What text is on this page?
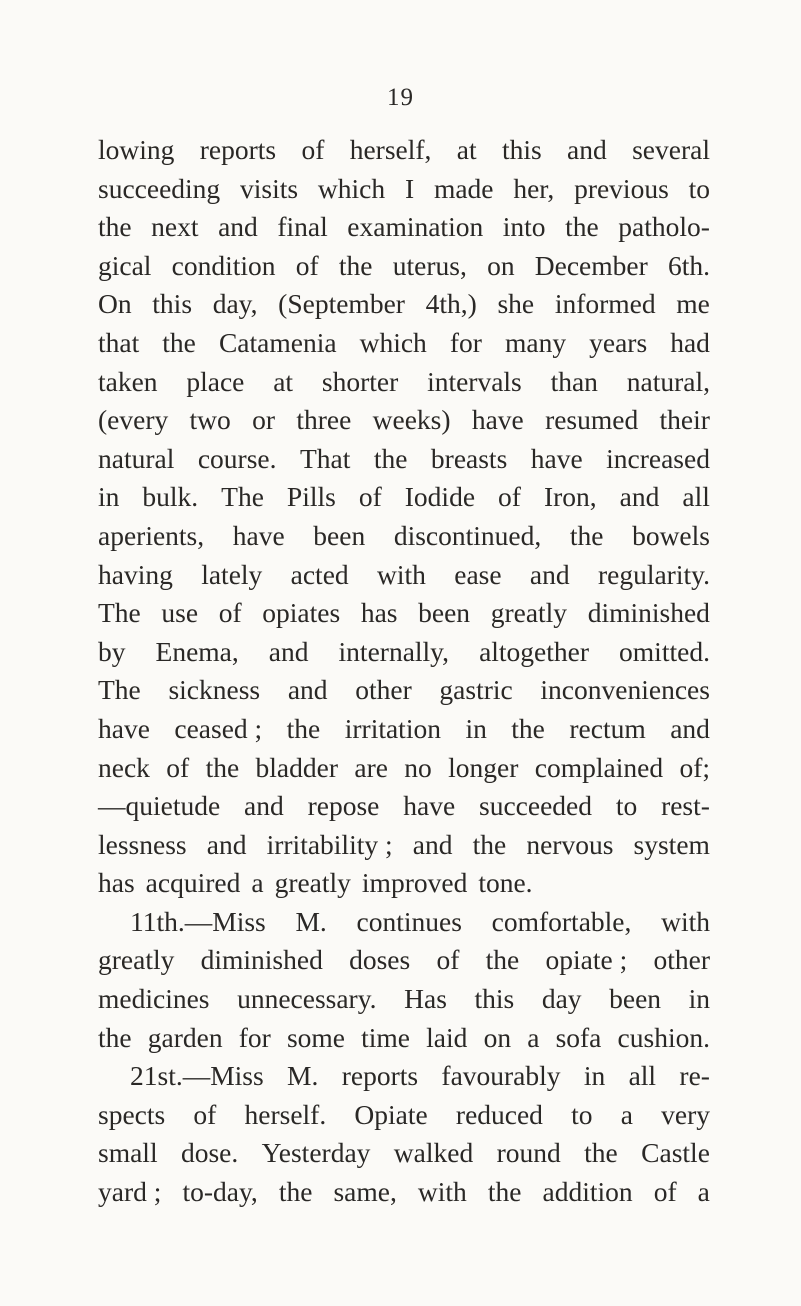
19
lowing reports of herself, at this and several
succeeding visits which I made her, previous to
the next and final examination into the patholo-
gical condition of the uterus, on December 6th.
On this day, (September 4th,) she informed me
that the Catamenia which for many years had
taken place at shorter intervals than natural,
(every two or three weeks) have resumed their
natural course. That the breasts have increased
in bulk. The Pills of Iodide of Iron, and all
aperients, have been discontinued, the bowels
having lately acted with ease and regularity.
The use of opiates has been greatly diminished
by Enema, and internally, altogether omitted.
The sickness and other gastric inconveniences
have ceased ; the irritation in the rectum and
neck of the bladder are no longer complained of;
—quietude and repose have succeeded to rest-
lessness and irritability ; and the nervous system
has acquired a greatly improved tone.
11th.—Miss M. continues comfortable, with
greatly diminished doses of the opiate ; other
medicines unnecessary. Has this day been in
the garden for some time laid on a sofa cushion.
21st.—Miss M. reports favourably in all re-
spects of herself. Opiate reduced to a very
small dose. Yesterday walked round the Castle
yard ; to-day, the same, with the addition of a
